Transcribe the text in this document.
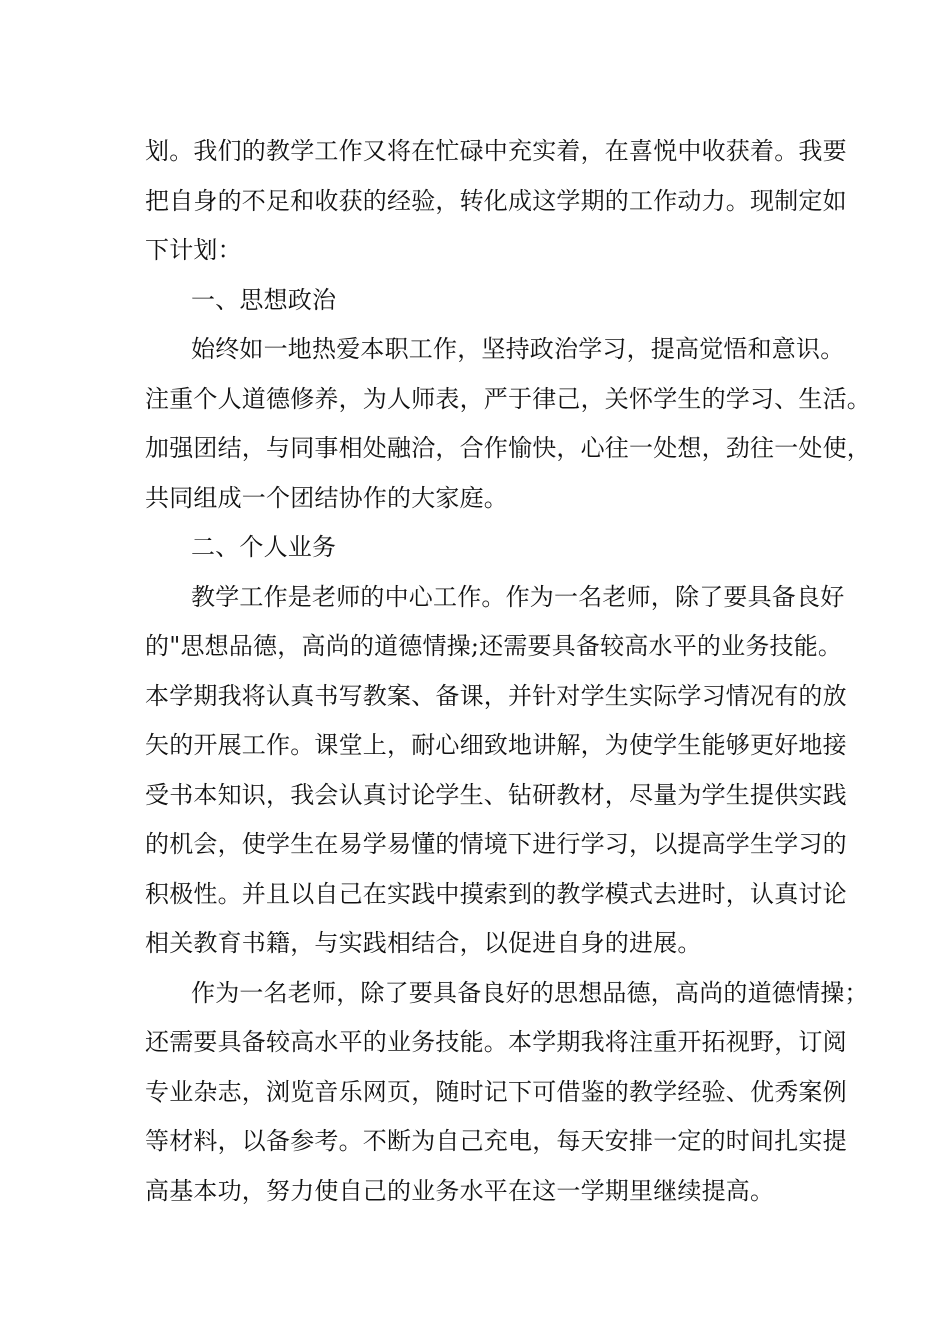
划。我们的教学工作又将在忙碌中充实着，在喜悦中收获着。我要
把自身的不足和收获的经验，转化成这学期的工作动力。现制定如
下计划：
一、思想政治
始终如一地热爱本职工作，坚持政治学习，提高觉悟和意识。
注重个人道德修养，为人师表，严于律己，关怀学生的学习、生活。
加强团结，与同事相处融洽，合作愉快，心往一处想，劲往一处使，
共同组成一个团结协作的大家庭。
二、个人业务
教学工作是老师的中心工作。作为一名老师，除了要具备良好
的"思想品德，高尚的道德情操;还需要具备较高水平的业务技能。
本学期我将认真书写教案、备课，并针对学生实际学习情况有的放
矢的开展工作。课堂上，耐心细致地讲解，为使学生能够更好地接
受书本知识，我会认真讨论学生、钻研教材，尽量为学生提供实践
的机会，使学生在易学易懂的情境下进行学习，以提高学生学习的
积极性。并且以自己在实践中摸索到的教学模式去进时，认真讨论
相关教育书籍，与实践相结合，以促进自身的进展。
作为一名老师，除了要具备良好的思想品德，高尚的道德情操；
还需要具备较高水平的业务技能。本学期我将注重开拓视野，订阅
专业杂志，浏览音乐网页，随时记下可借鉴的教学经验、优秀案例
等材料，以备参考。不断为自己充电，每天安排一定的时间扎实提
高基本功，努力使自己的业务水平在这一学期里继续提高。
